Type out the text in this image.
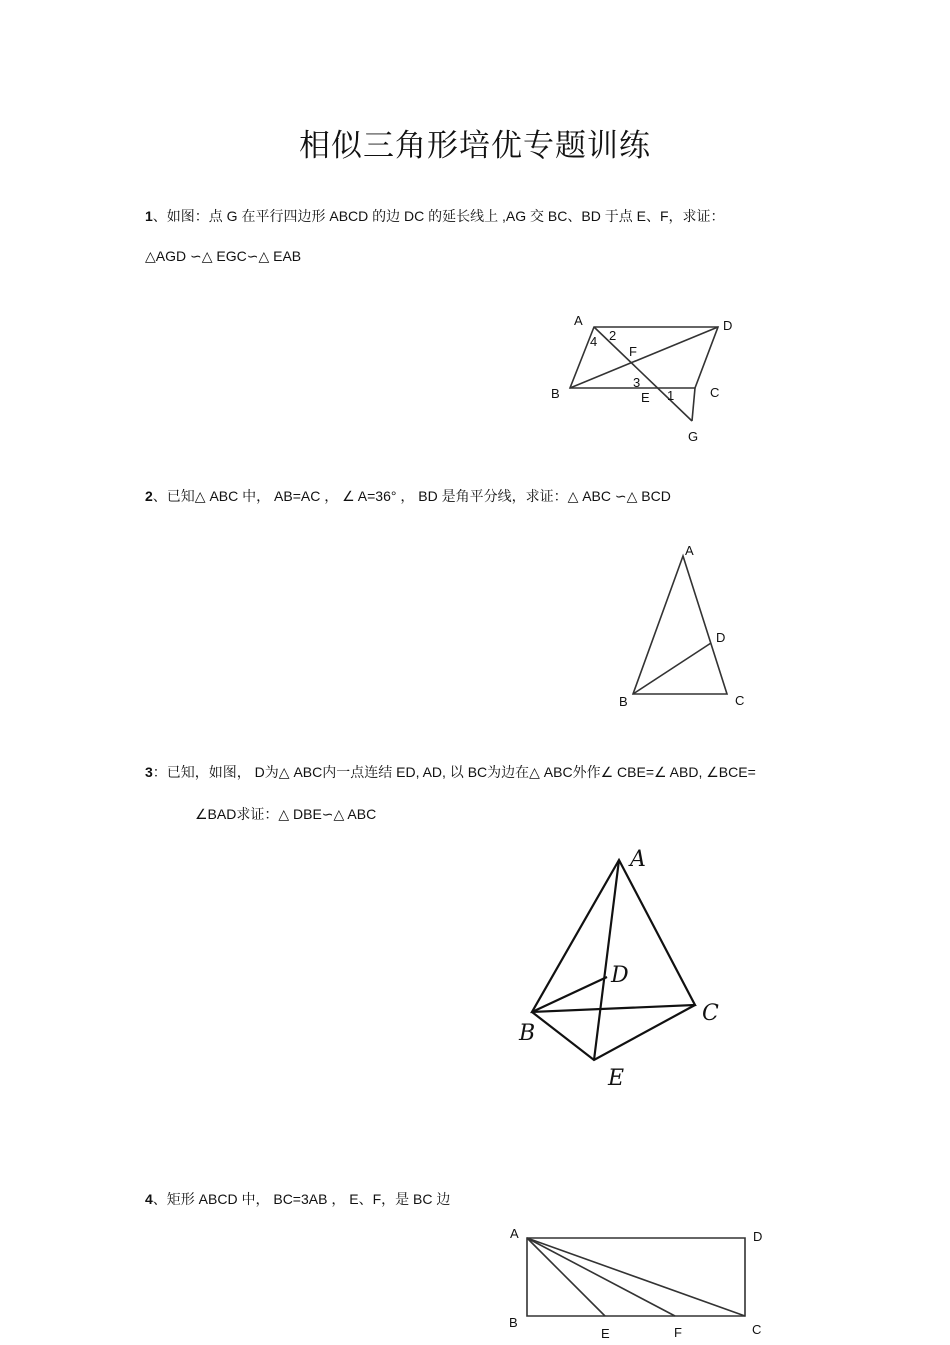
相似三角形培优专题训练
1、如图：点 G 在平行四边形 ABCD 的边 DC 的延长线上 ,AG 交 BC、BD 于点 E、F，求证：
△AGD ∽△ EGC∽△ EAB
A	D
B	C
F
E
G
4 2
3
1
2、已知△ ABC 中， AB=AC ， ∠ A=36° ， BD 是角平分线，求证：△ ABC ∽△ BCD
A
D
B	C
3：已知，如图， D为△ ABC内一点连结 ED, AD, 以 BC为边在△ ABC外作∠ CBE=∠ ABD, ∠BCE=
∠BAD求证：△ DBE∽△ ABC
A
D
C
B
E
4、矩形 ABCD 中， BC=3AB ， E、F，是 BC 边
A	D
B
E	F	C
